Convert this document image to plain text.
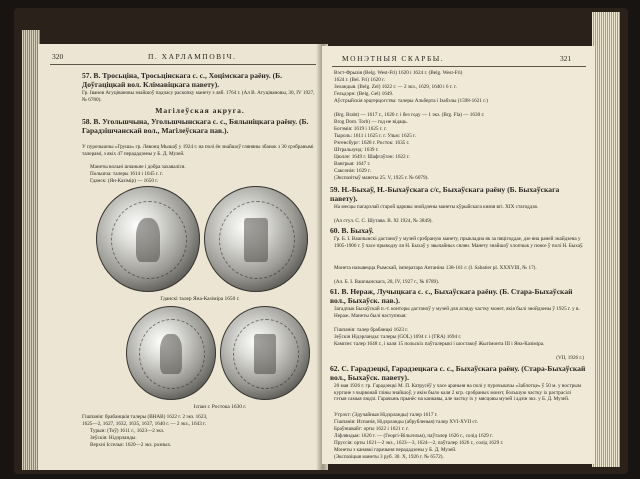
320	П. ХАРЛАМПОВІЧ.

57. В. Тросьціна, Тросьцінскага с. с., Хоцімскага раёну. (Б. Доўгаціцкай вол. Клімавіцкага павету).

Гр. Іванов Агуцівановы знайшоў падчасу раскопку манету з ляб. 1764 г. (Ал В. Агуцівановы, 30, IV 1927, № 6780).

Магілеўская акруга.

58. В. Угольшчына, Угольшчынскага с. с., Бялыніцкага раёну. (Б. Гарадзішчанскай вол., Магілеўскага пав.).

У пурочышчы «Груша» гр. Лявонц Мышаў у 1924 г. на полі ён знайшоў гляняны збанок з 30 срэбранымі талерамі, з якіх 47 перададзены у Б. Д. Музей.

Манеты вольні шчаньне і добра захаваліся.

Польшча: талеры 1614 і 1645 г. г.

Гданск: (Ян-Казімір) — 1650 г.

Гданскі талер Яна-Казіміра 1650 г.

Іспан г. Ростока 1630 г.

Гішпанія: брабанцкія талеры (ВНАВ) 1622 г. 2 экз. 1623,

1625—2, 1627, 1632, 1635, 1637, 1640 г. — 2 экз., 1643 г.

Турын: (Тоў) 1611 г., 1623—2 экз.

Зеўскія: Нідэрланды.

Верхні Ісселья: 1620—2 экз. розных.

МОНЭТНЫЯ СКАРБЫ.	321

Вэст-Фрызія (Belg. West-Fri) 1620 і 1624 г. (Belg. West-Fri)

1624 г. (Bel. Fri) 1620 г.

Зеландыя. (Belg. Zel) 1622 г. — 2 экз., 1629, 1640 і 6 г. г.

Гельдэрн: (Belg. Gel) 1649.

Аўстрыйскія эрцгерцогства: талеры Альберта і Ізабэлы (1598-1621 г.)

(Brg. Brabt) — 1617 г., 1620 г. і без году — 1 экз. (Brg. Fla) — 1630 г.

Brog Dom. Torb) — год не відаць.

Богэмія: 1619 і 1625 г. г.

Тыроль: 1611 і 1625 г. г. Ульм: 1625 г.

Рэгенсбург: 1628 г. Росток: 1635 г.

Штральзунд: 1639 г.

Цюлле: 1649 г. Шафгаўзэн: 1622 г.

Вангрыя: 1647 г.

Саксонія: 1629 г.

(Экспазітыў манеты 25. V, 1925 г. № 6079).

59. Н.-Быхаў, Н.-Быхаўскага с/с, Быхаўскага раёну (Б. Быхаўскага павету).

На месцы пагарэлай старой царквы знойдзены манеты кўрыйскага князя вгі. XIX стагоддзя.

(Ал стул. С. С. Шутава. В. XI 1924, № 3849).

60. В. Быхаў.

Гр. Б. І. Вашчынскі дастаноў у музей срэбраную манету, прыкладна як за пяцігоддае, дзе яна раней знайдзена у 1905-1906 г. ў часе прыводзу ля Н. Быхаў у звычайных сялян. Манету знайшоў хлопчык у поясе ў полі Н. Быхаў.

Монета назывецца Рымскай, імператара Антаніна 138-161 г. (I. Sabatier pl. XXXVIII, № 17).

(Ал. Б. І. Вашчынскага, 28, IV, 1927 г., № 6789).

61. В. Нераж, Лучыцкага с. с., Быхаўскага раёну. (Б. Стара-Быхаўскай вол., Быхаўск. пав.).

Загадчык Быхаўскай п.-т. конторы дастаноў у музей для агляду частку монет, якія былі знойдзены ў 1925 г. у в. Нераж. Манеты былі наступныя:

Гішпанія: талер брабанцкі 1623 г.

Зеўскія Нідэрланды: талеры (GOL) 1694 г. і (TRA) 1694 г.

Кампэн: талер 1648 г., і каля 15 польскіх паўталерыкі і шостакоў Жыгімонта III і Яна-Казіміра.

(VII, 1926 г.)

62. С. Гарадзецкі, Гарадзецкага с. с., Быхаўскага раёну. (Стара-Быхаўскай вол., Быхаўск. павету).

20 мая 1926 г. гр. Гарадзецкі М. П. Катрусёў у часе араньня на полі у пурочышчы «Заблотце» ў 50 м. у вострым кургане з чырвонай гліны знайшоў, у якім было каля 2 кгр. срэбраных монэт, большую частку іх растрасілі гэтыя самыя людзі. Гарачынь прынёс на канкавы, але частку іх у мясцовы музей і адзін экз. у Б. Д. Музей.

Утрэхт: (Эдучайныя Нідэрланды) талер 1617 г.

Гішпанія: Испанія, Нідэрланды (абрубленыя) талер XVI-XVII ст.

Браўншвайг: орты 1622 і 1621 г. г.

Ліфляндыя: 1620 г. — (Георгі-Вільгельм), паўталер 1626 г., солід 1629 г.

Пруссія: орты 1621—2 экз., 1623—3, 1624—2, паўталер 1626 г., солід 1629 г.

Монеты з канавкі гарачыня перададзены у Б. Д. Музей.

(Экспазіцыя манеты 3 руб. 30. X, 1926 г. № 6572).
